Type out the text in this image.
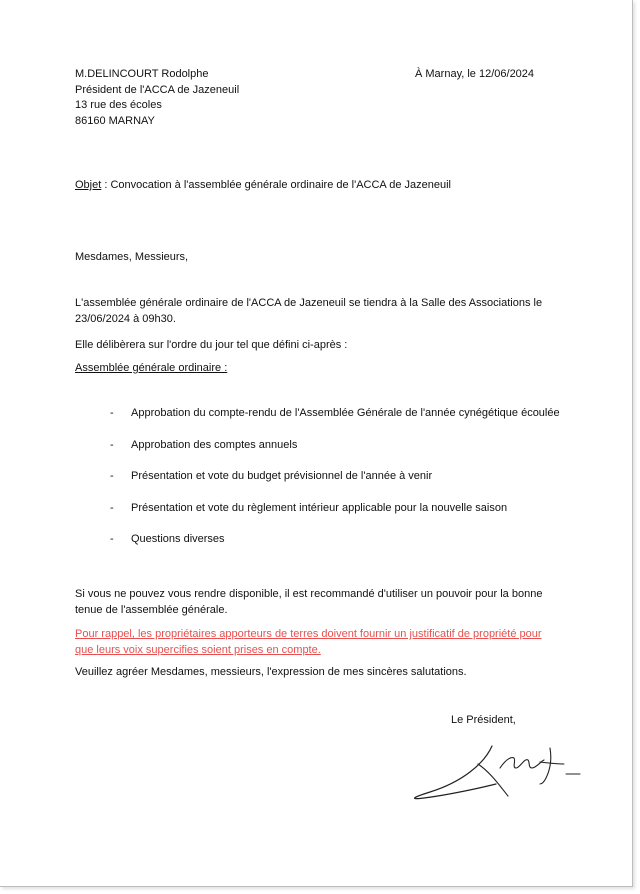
M.DELINCOURT Rodolphe
Président de l'ACCA de Jazeneuil
13 rue des écoles
86160 MARNAY
À Marnay, le 12/06/2024
Objet : Convocation à l'assemblée générale ordinaire de l'ACCA de Jazeneuil
Mesdames, Messieurs,
L'assemblée générale ordinaire de l'ACCA de Jazeneuil se tiendra à la Salle des Associations le 23/06/2024 à 09h30.
Elle délibèrera sur l'ordre du jour tel que défini ci-après :
Assemblée générale ordinaire :
- Approbation du compte-rendu de l'Assemblée Générale de l'année cynégétique écoulée
- Approbation des comptes annuels
- Présentation et vote du budget prévisionnel de l'année à venir
- Présentation et vote du règlement intérieur applicable pour la nouvelle saison
- Questions diverses
Si vous ne pouvez vous rendre disponible, il est recommandé d'utiliser un pouvoir pour la bonne tenue de l'assemblée générale.
Pour rappel, les propriétaires apporteurs de terres doivent fournir un justificatif de propriété pour que leurs voix supercifies soient prises en compte.
Veuillez agréer Mesdames, messieurs, l'expression de mes sincères salutations.
Le Président,
